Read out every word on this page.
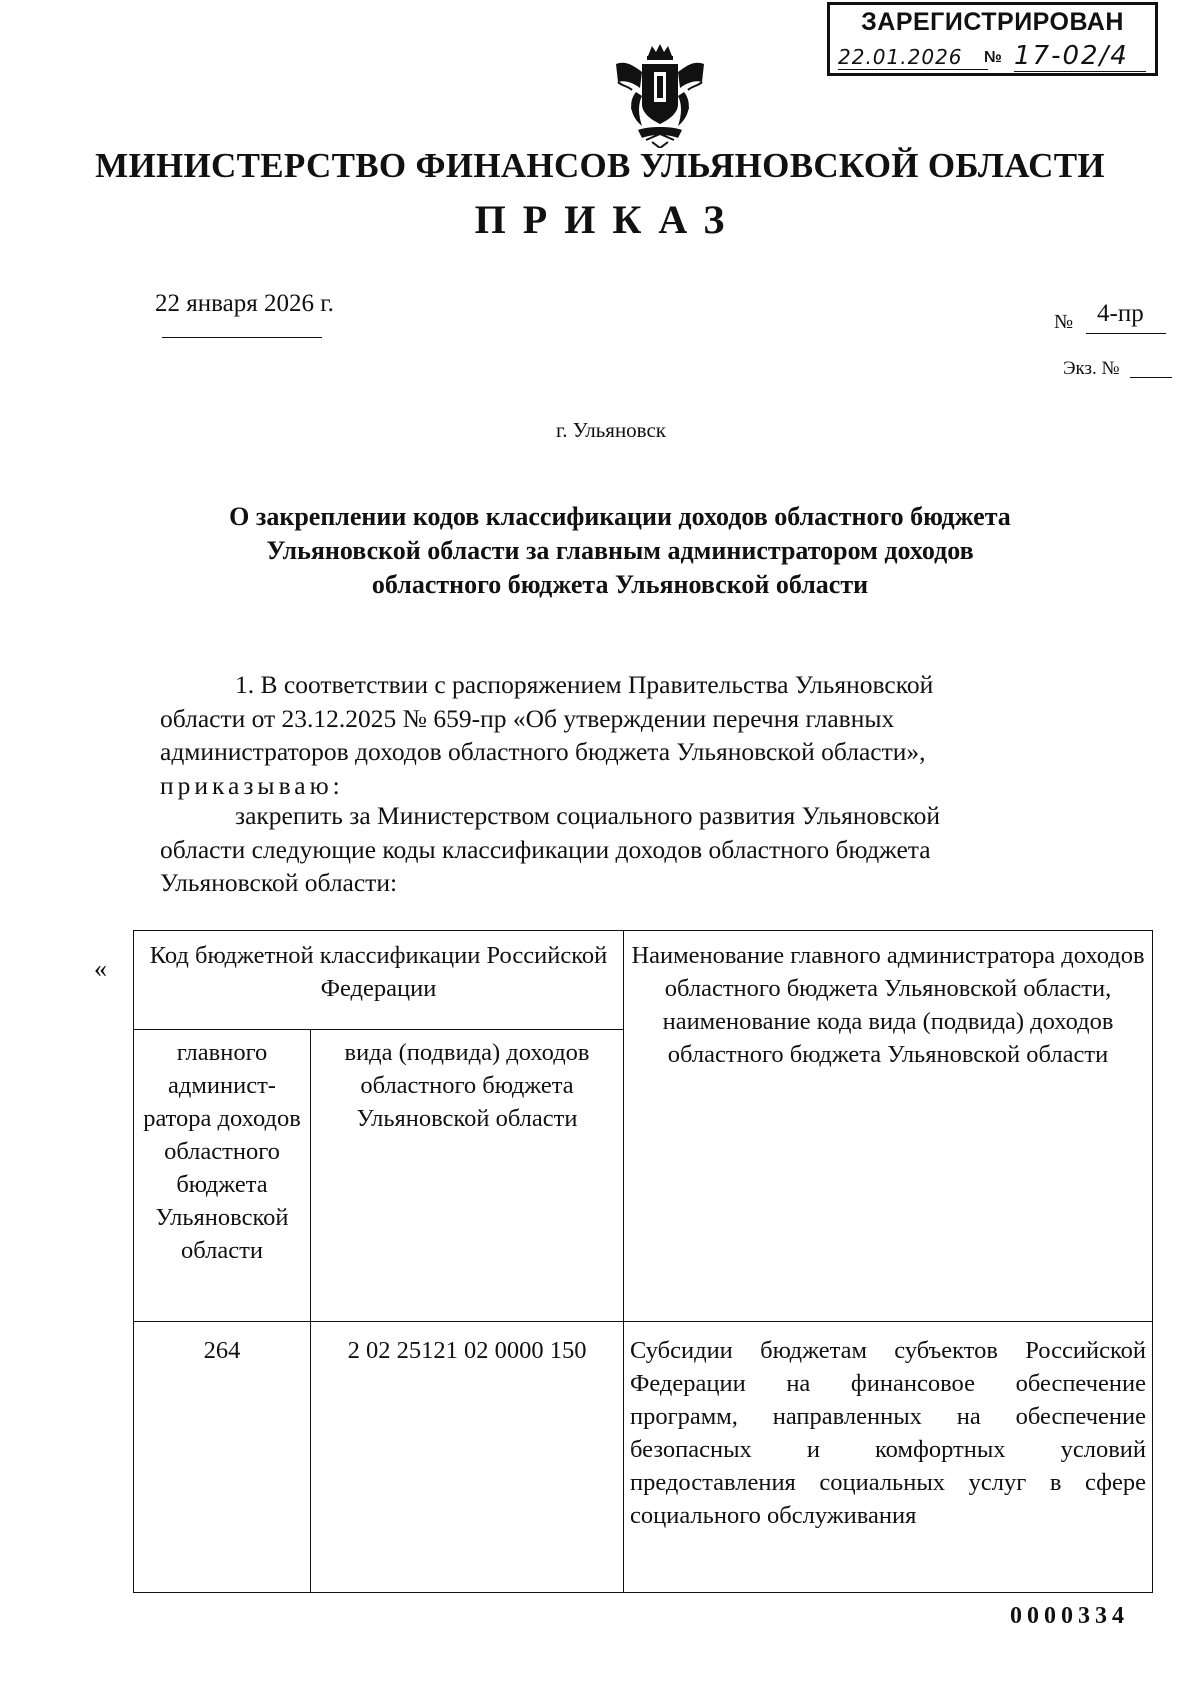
ЗАРЕГИСТРИРОВАН
22.01.2026	№ 17-02/4
МИНИСТЕРСТВО ФИНАНСОВ УЛЬЯНОВСКОЙ ОБЛАСТИ
ПРИКАЗ
22 января 2026 г.
№ 4-пр
Экз. №
г. Ульяновск
О закреплении кодов классификации доходов областного бюджета
Ульяновской области за главным администратором доходов
областного бюджета Ульяновской области
1. В соответствии с распоряжением Правительства Ульяновской
области от 23.12.2025 № 659-пр «Об утверждении перечня главных
администраторов доходов областного бюджета Ульяновской области»,
приказываю:
закрепить за Министерством социального развития Ульяновской
области следующие коды классификации доходов областного бюджета
Ульяновской области:
« Код бюджетной классификации Российской Федерации		Наименование главного администратора доходов областного бюджета Ульяновской области, наименование кода вида (подвида) доходов областного бюджета Ульяновской области
главного админист-ратора доходов областного бюджета Ульяновской области	вида (подвида) доходов областного бюджета Ульяновской области	
264	2 02 25121 02 0000 150	Субсидии бюджетам субъектов Российской Федерации на финансовое обеспечение программ, направленных на обеспечение безопасных и комфортных условий предоставления социальных услуг в сфере социального обслуживания
0000334
